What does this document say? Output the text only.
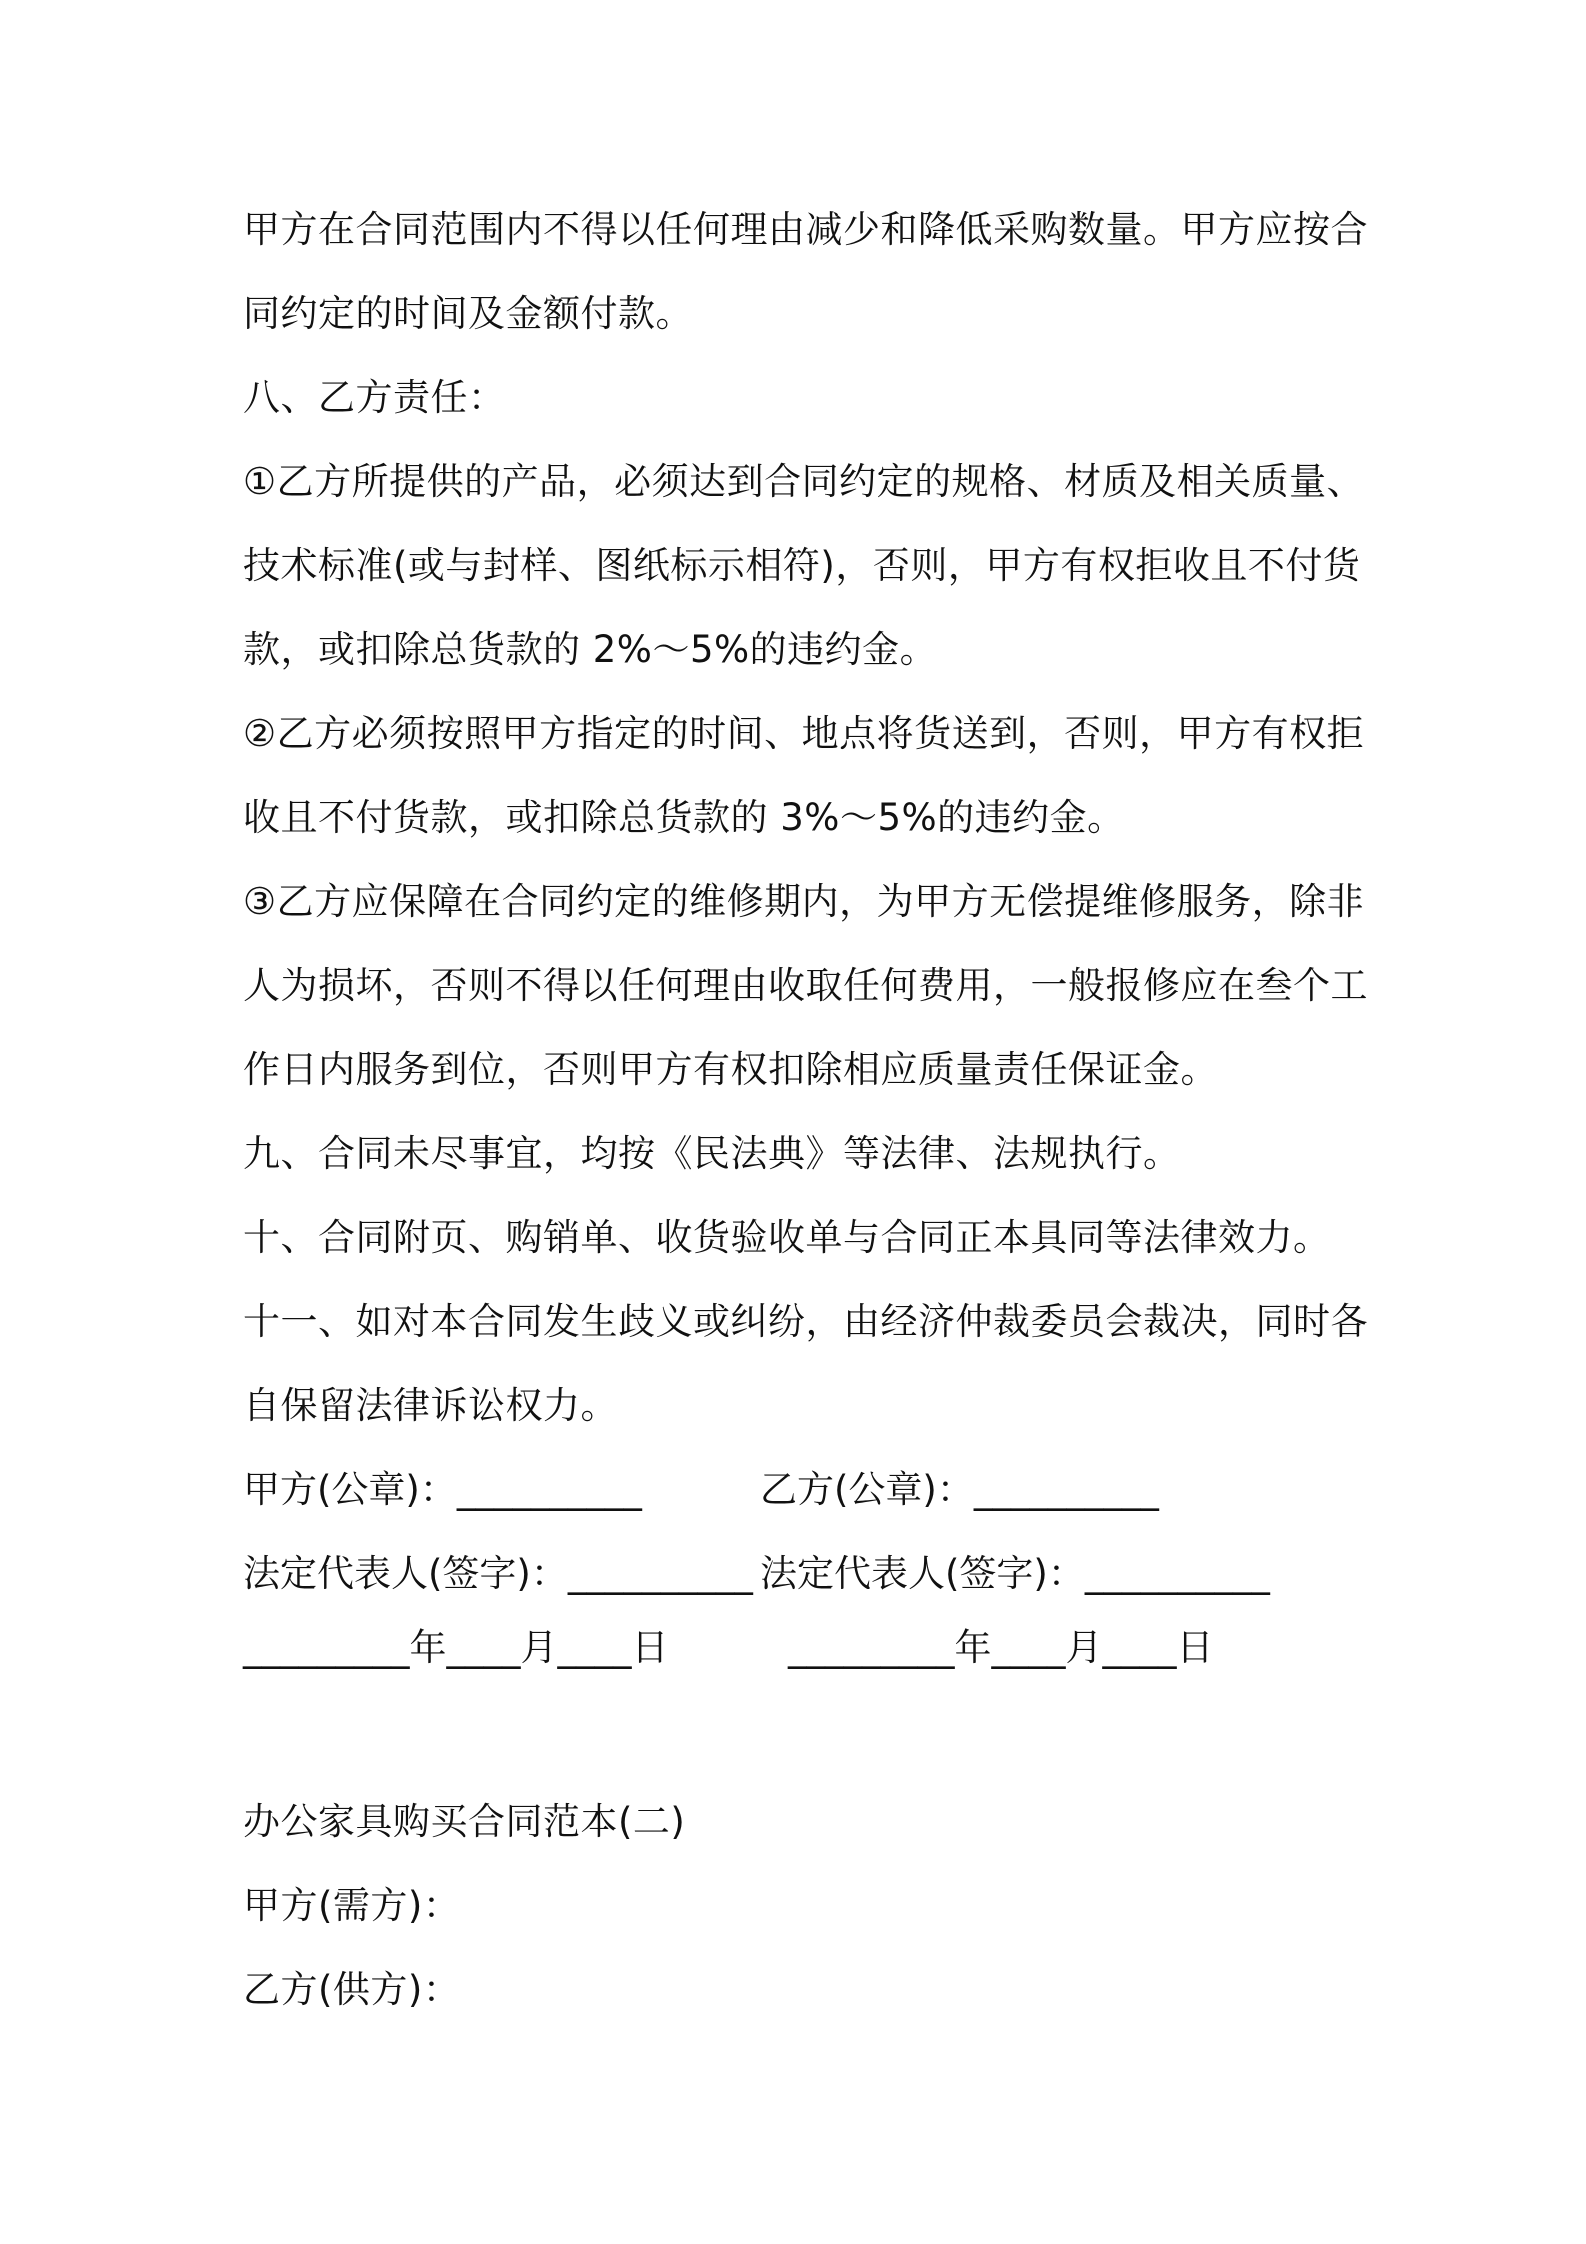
甲方在合同范围内不得以任何理由减少和降低采购数量。甲方应按合
同约定的时间及金额付款。
八、乙方责任：
①乙方所提供的产品，必须达到合同约定的规格、材质及相关质量、
技术标准(或与封样、图纸标示相符)，否则，甲方有权拒收且不付货
款，或扣除总货款的 2%～5%的违约金。
②乙方必须按照甲方指定的时间、地点将货送到，否则，甲方有权拒
收且不付货款，或扣除总货款的 3%～5%的违约金。
③乙方应保障在合同约定的维修期内，为甲方无偿提维修服务，除非
人为损坏，否则不得以任何理由收取任何费用，一般报修应在叁个工
作日内服务到位，否则甲方有权扣除相应质量责任保证金。
九、合同未尽事宜，均按《民法典》等法律、法规执行。
十、合同附页、购销单、收货验收单与合同正本具同等法律效力。
十一、如对本合同发生歧义或纠纷，由经济仲裁委员会裁决，同时各
自保留法律诉讼权力。
甲方(公章)：__________	乙方(公章)：__________
法定代表人(签字)：__________ 法定代表人(签字)：__________
_________年____月____日	_________年____月____日
办公家具购买合同范本(二)
甲方(需方)：
乙方(供方)：
